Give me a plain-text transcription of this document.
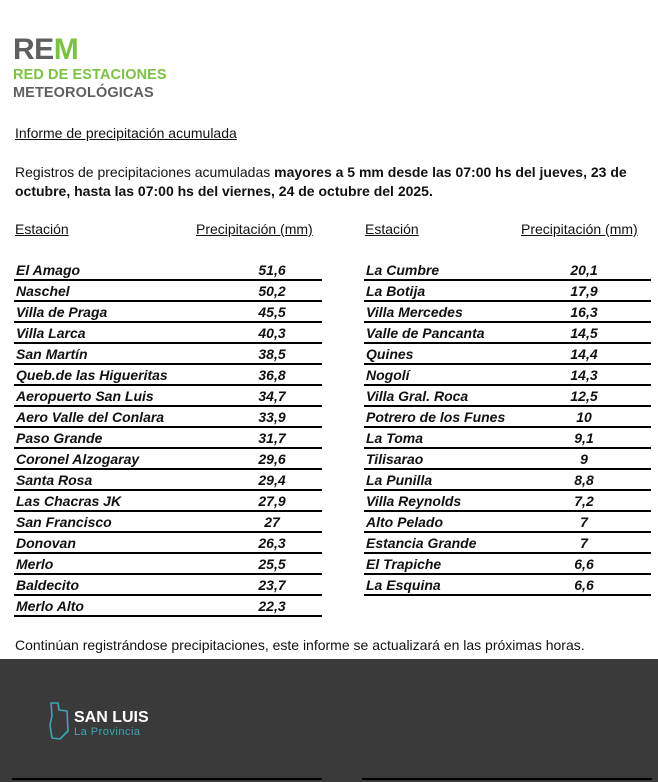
REM
RED DE ESTACIONES
METEOROLÓGICAS
Informe de precipitación acumulada
Registros de precipitaciones acumuladas mayores a 5 mm desde las 07:00 hs del jueves, 23 de octubre, hasta las 07:00 hs del viernes, 24 de octubre del 2025.
Estación	Precipitación (mm)
El Amago	51,6
Naschel	50,2
Villa de Praga	45,5
Villa Larca	40,3
San Martín	38,5
Queb.de las Higueritas	36,8
Aeropuerto San Luis	34,7
Aero Valle del Conlara	33,9
Paso Grande	31,7
Coronel Alzogaray	29,6
Santa Rosa	29,4
Las Chacras JK	27,9
San Francisco	27
Donovan	26,3
Merlo	25,5
Baldecito	23,7
Merlo Alto	22,3
Estación	Precipitación (mm)
La Cumbre	20,1
La Botija	17,9
Villa Mercedes	16,3
Valle de Pancanta	14,5
Quines	14,4
Nogolí	14,3
Villa Gral. Roca	12,5
Potrero de los Funes	10
La Toma	9,1
Tilisarao	9
La Punilla	8,8
Villa Reynolds	7,2
Alto Pelado	7
Estancia Grande	7
El Trapiche	6,6
La Esquina	6,6
Continúan registrándose precipitaciones, este informe se actualizará en las próximas horas.
SAN LUIS
La Provincia
